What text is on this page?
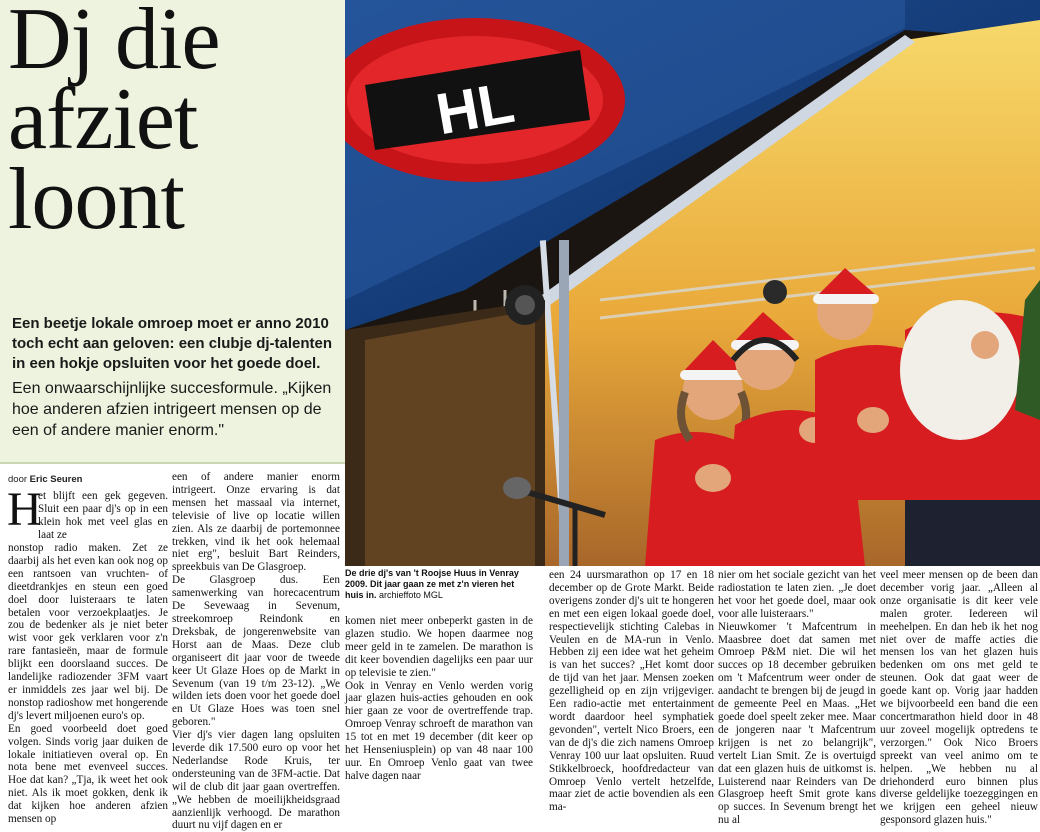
Dj die
afziet
loont
Een beetje lokale omroep moet er anno 2010 toch echt aan geloven: een clubje dj-talenten in een hokje opsluiten voor het goede doel.
Een onwaarschijnlijke succesformule. „Kijken hoe anderen afzien intrigeert mensen op de een of andere manier enorm."
HL
De drie dj's van 't Roojse Huus in Venray 2009. Dit jaar gaan ze met z'n vieren het huis in. archieffoto MGL
door Eric Seuren
H
et blijft een gek gegeven. Sluit een paar dj's op in een klein hok met veel glas en laat ze
nonstop radio maken. Zet ze daarbij als het even kan ook nog op een rantsoen van vruchten- of dieetdrankjes en steun een goed doel door luisteraars te laten betalen voor verzoekplaatjes. Je zou de bedenker als je niet beter wist voor gek verklaren voor z'n rare fantasieën, maar de formule blijkt een doorslaand succes. De landelijke radiozender 3FM vaart er inmiddels zes jaar wel bij. De nonstop radioshow met hongerende dj's levert miljoenen euro's op.
En goed voorbeeld doet goed volgen. Sinds vorig jaar duiken de lokale initiatieven overal op. En nota bene met evenveel succes. Hoe dat kan? „Tja, ik weet het ook niet. Als ik moet gokken, denk ik dat kijken hoe anderen afzien mensen op
een of andere manier enorm intrigeert. Onze ervaring is dat mensen het massaal via internet, televisie of live op locatie willen zien. Als ze daarbij de portemonnee trekken, vind ik het ook helemaal niet erg", besluit Bart Reinders, spreekbuis van De Glasgroep.
De Glasgroep dus. Een samenwerking van horecacentrum De Sevewaag in Sevenum, streekomroep Reindonk en Dreksbak, de jongerenwebsite van Horst aan de Maas. Deze club organiseert dit jaar voor de tweede keer Ut Glaze Hoes op de Markt in Sevenum (van 19 t/m 23-12). „We wilden iets doen voor het goede doel en Ut Glaze Hoes was toen snel geboren."
Vier dj's vier dagen lang opsluiten leverde dik 17.500 euro op voor het Nederlandse Rode Kruis, ter ondersteuning van de 3FM-actie. Dat wil de club dit jaar gaan overtreffen. „We hebben de moeilijkheidsgraad aanzienlijk verhoogd. De marathon duurt nu vijf dagen en er
komen niet meer onbeperkt gasten in de glazen studio. We hopen daarmee nog meer geld in te zamelen. De marathon is dit keer bovendien dagelijks een paar uur op televisie te zien."
Ook in Venray en Venlo werden vorig jaar glazen huis-acties gehouden en ook hier gaan ze voor de overtreffende trap. Omroep Venray schroeft de marathon van 15 tot en met 19 december (dit keer op het Henseniusplein) op van 48 naar 100 uur. En Omroep Venlo gaat van twee halve dagen naar
een 24 uursmarathon op 17 en 18 december op de Grote Markt. Beide overigens zonder dj's uit te hongeren en met een eigen lokaal goede doel, respectievelijk stichting Calebas in Veulen en de MA-run in Venlo. Hebben zij een idee wat het geheim is van het succes? „Het komt door de tijd van het jaar. Mensen zoeken gezelligheid op en zijn vrijgeviger. Een radio-actie met entertainment wordt daardoor heel symphatiek gevonden", vertelt Nico Broers, een van de dj's die zich namens Omroep Venray 100 uur laat opsluiten. Ruud Stikkelbroeck, hoofdredacteur van Omroep Venlo vertelt hetzelfde, maar ziet de actie bovendien als een ma-
nier om het sociale gezicht van het radiostation te laten zien. „Je doet het voor het goede doel, maar ook voor alle luisteraars."
Nieuwkomer 't Mafcentrum in Maasbree doet dat samen met Omroep P&M niet. Die wil het succes op 18 december gebruiken om 't Mafcentrum weer onder de aandacht te brengen bij de jeugd in de gemeente Peel en Maas. „Het goede doel speelt zeker mee. Maar de jongeren naar 't Mafcentrum krijgen is net zo belangrijk", vertelt Lian Smit. Ze is overtuigd dat een glazen huis de uitkomst is. Luisterend naar Reinders van De Glasgroep heeft Smit grote kans op succes. In Sevenum brengt het nu al
veel meer mensen op de been dan december vorig jaar. „Alleen al onze organisatie is dit keer vele malen groter. Iedereen wil meehelpen. En dan heb ik het nog niet over de maffe acties die mensen los van het glazen huis bedenken om ons met geld te steunen. Ook dat gaat weer de goede kant op. Vorig jaar hadden we bijvoorbeeld een band die een concertmarathon hield door in 48 uur zoveel mogelijk optredens te verzorgen." Ook Nico Broers spreekt van veel animo om te helpen. „We hebben nu al driehonderd euro binnen plus diverse geldelijke toezeggingen en we krijgen een geheel nieuw gesponsord glazen huis."
